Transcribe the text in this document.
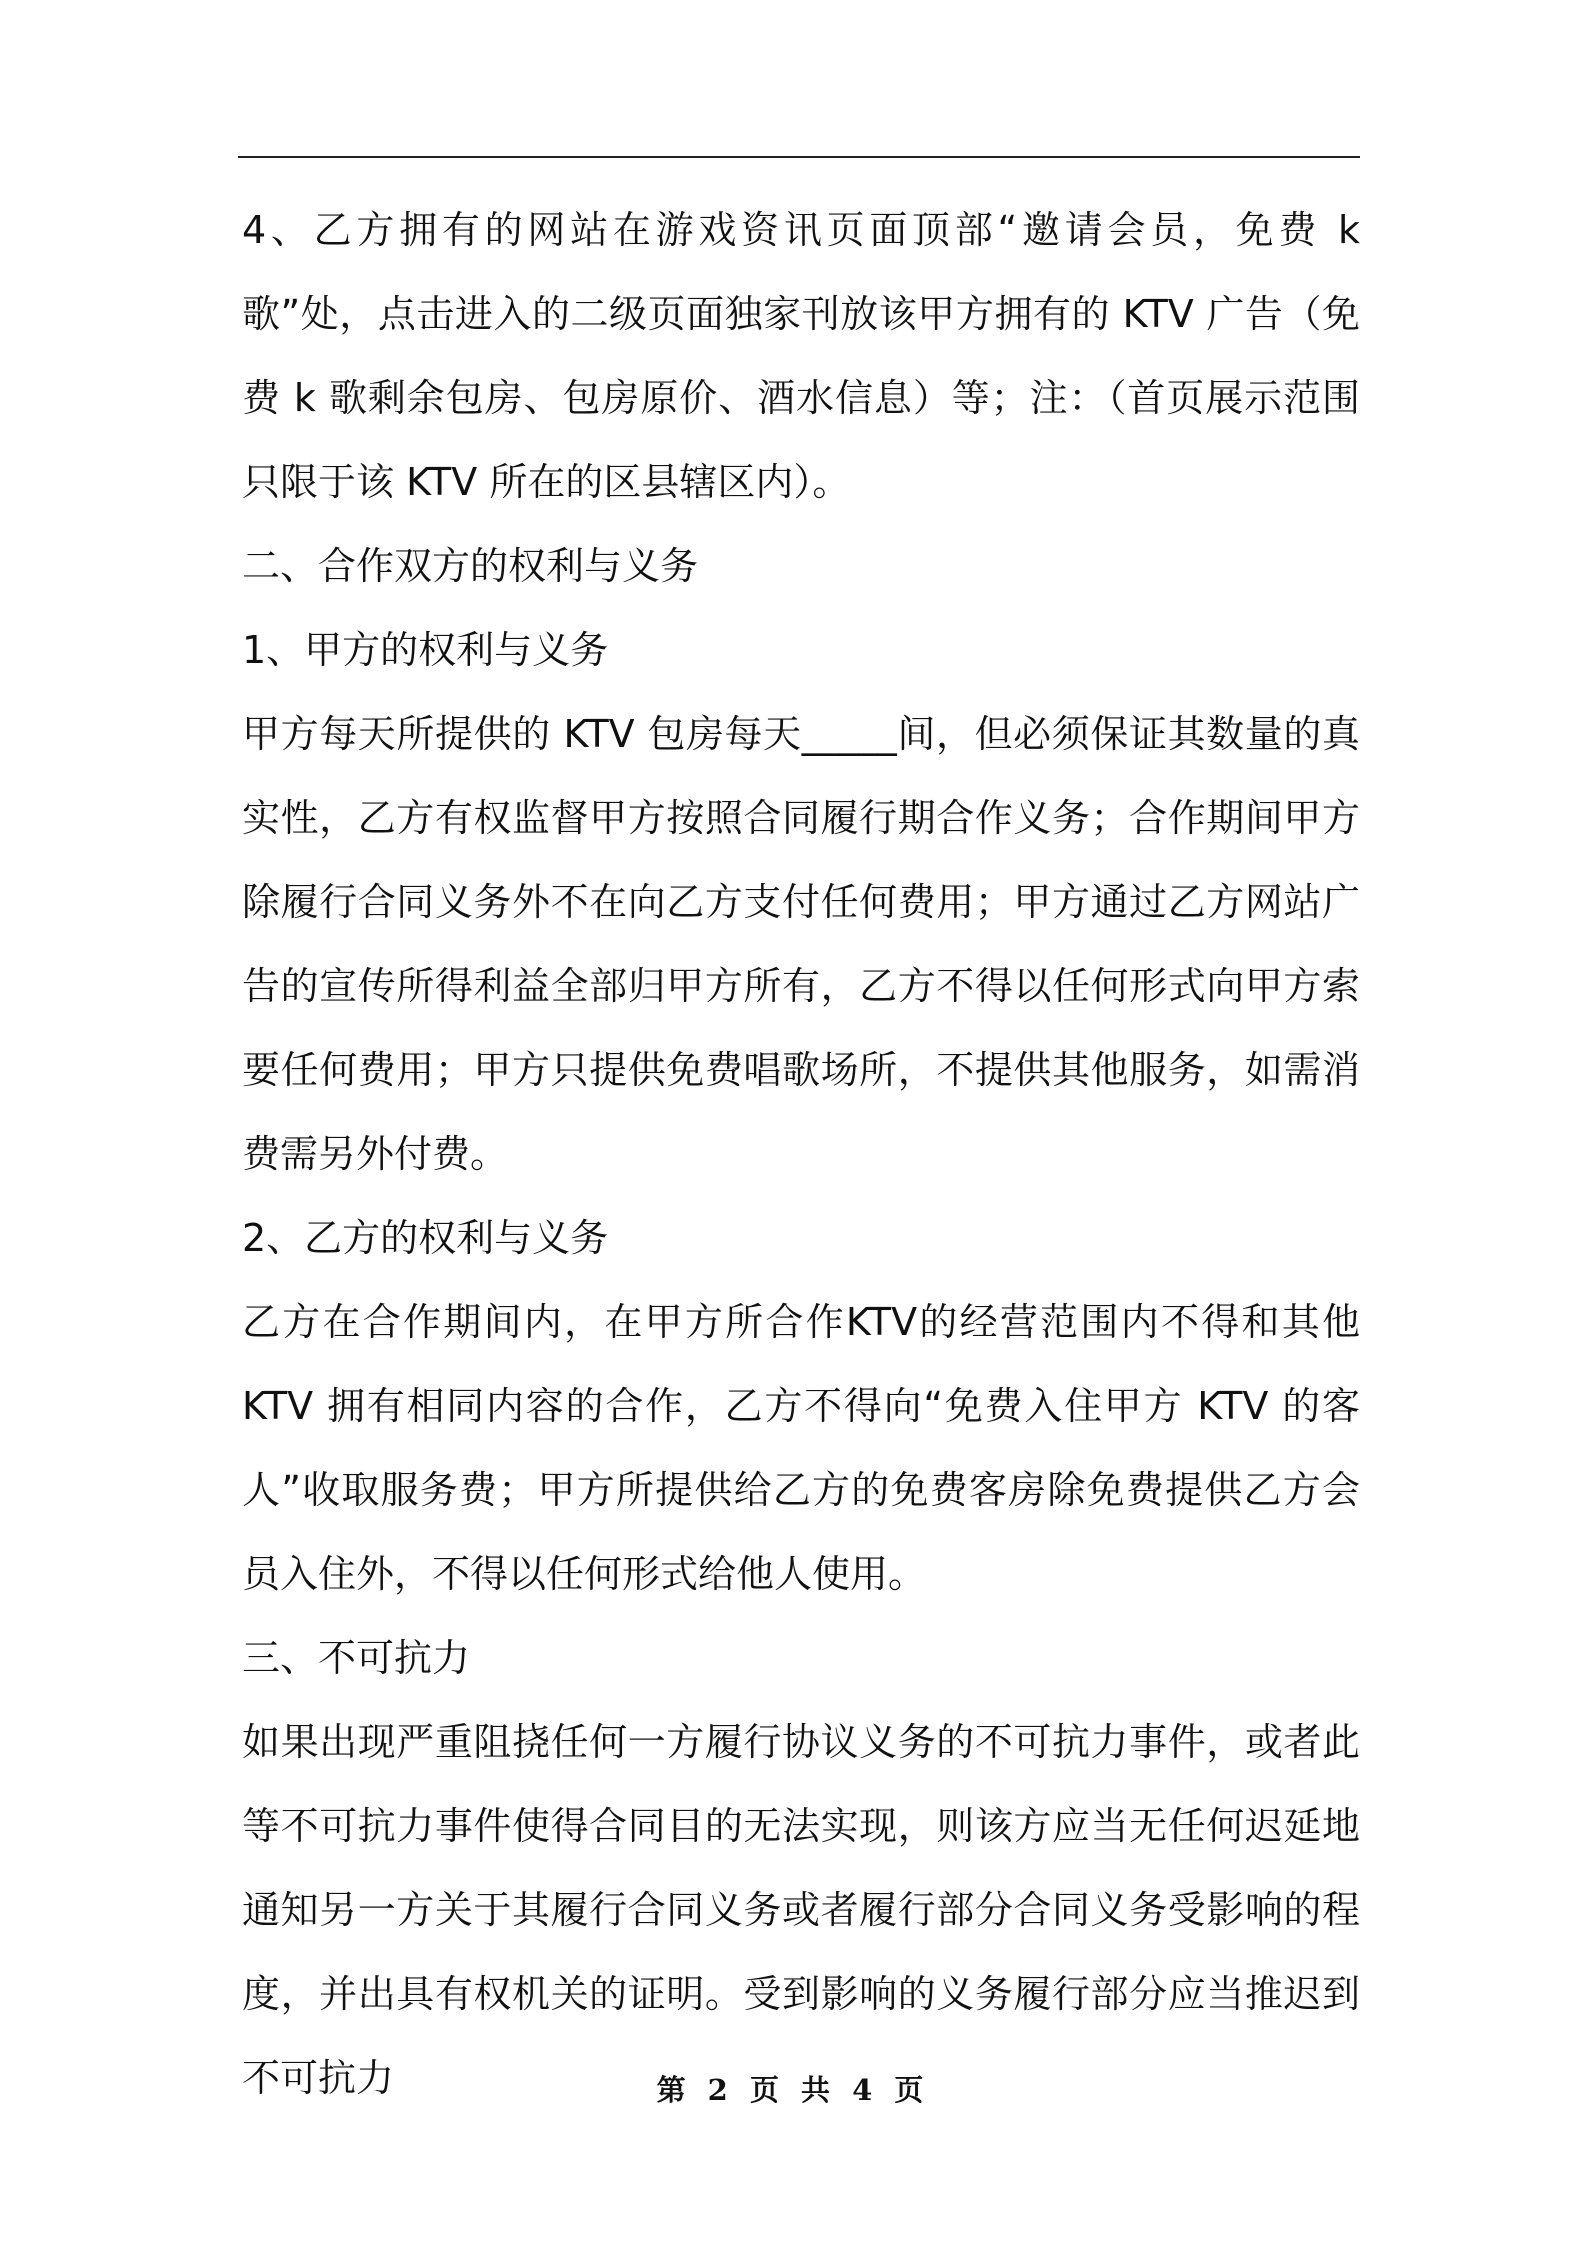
4、乙方拥有的网站在游戏资讯页面顶部“邀请会员，免费 k 歌”处，点击进入的二级页面独家刊放该甲方拥有的 KTV 广告（免费 k 歌剩余包房、包房原价、酒水信息）等；注：（首页展示范围只限于该 KTV 所在的区县辖区内）。

二、合作双方的权利与义务

1、甲方的权利与义务

甲方每天所提供的 KTV 包房每天_____间，但必须保证其数量的真实性，乙方有权监督甲方按照合同履行期合作义务；合作期间甲方除履行合同义务外不在向乙方支付任何费用；甲方通过乙方网站广告的宣传所得利益全部归甲方所有，乙方不得以任何形式向甲方索要任何费用；甲方只提供免费唱歌场所，不提供其他服务，如需消费需另外付费。

2、乙方的权利与义务

乙方在合作期间内，在甲方所合作KTV的经营范围内不得和其他 KTV 拥有相同内容的合作，乙方不得向“免费入住甲方 KTV 的客人”收取服务费；甲方所提供给乙方的免费客房除免费提供乙方会员入住外，不得以任何形式给他人使用。

三、不可抗力

如果出现严重阻挠任何一方履行协议义务的不可抗力事件，或者此等不可抗力事件使得合同目的无法实现，则该方应当无任何迟延地通知另一方关于其履行合同义务或者履行部分合同义务受影响的程度，并出具有权机关的证明。受到影响的义务履行部分应当推迟到不可抗力	第 2 页 共 4 页
